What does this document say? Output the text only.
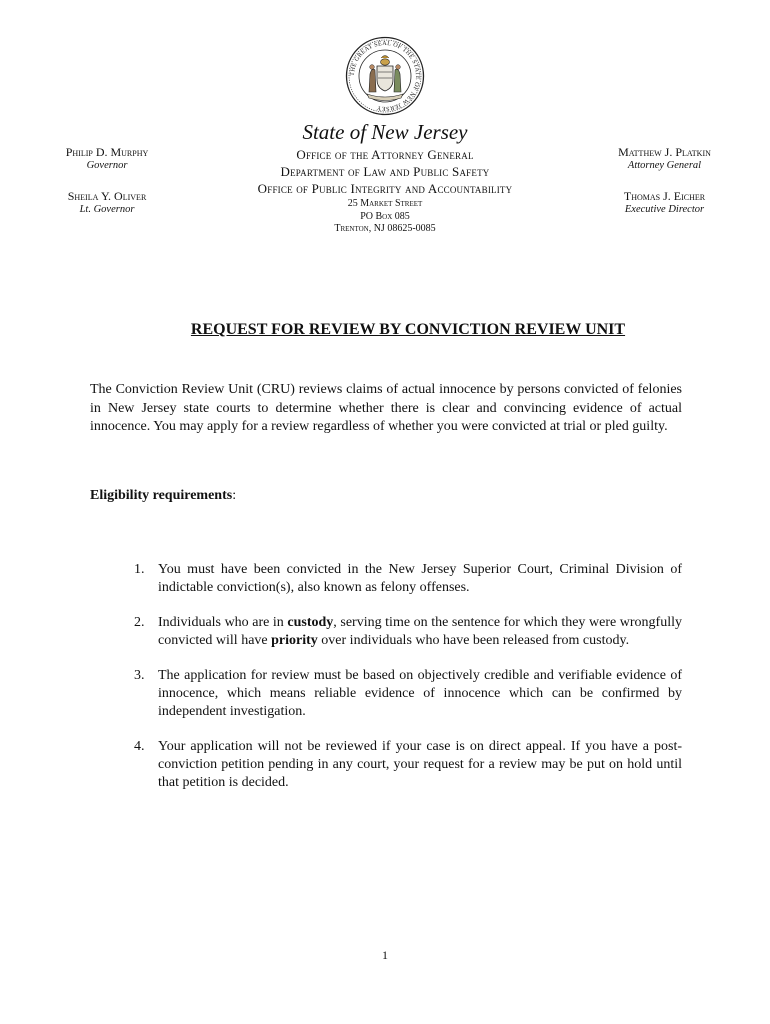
THE GREAT SEAL OF THE STATE OF NEW JERSEY
State of New Jersey
Office of the Attorney General
Department of Law and Public Safety
Office of Public Integrity and Accountability
25 Market Street
PO Box 085
Trenton, NJ 08625-0085
Philip D. Murphy
Governor
Sheila Y. Oliver
Lt. Governor
Matthew J. Platkin
Attorney General
Thomas J. Eicher
Executive Director
REQUEST FOR REVIEW BY CONVICTION REVIEW UNIT

The Conviction Review Unit (CRU) reviews claims of actual innocence by persons convicted of felonies in New Jersey state courts to determine whether there is clear and convincing evidence of actual innocence. You may apply for a review regardless of whether you were convicted at trial or pled guilty.

Eligibility requirements:
1. You must have been convicted in the New Jersey Superior Court, Criminal Division of indictable conviction(s), also known as felony offenses.
2. Individuals who are in custody, serving time on the sentence for which they were wrongfully convicted will have priority over individuals who have been released from custody.
3. The application for review must be based on objectively credible and verifiable evidence of innocence, which means reliable evidence of innocence which can be confirmed by independent investigation.
4. Your application will not be reviewed if your case is on direct appeal. If you have a post-conviction petition pending in any court, your request for a review may be put on hold until that petition is decided.
1
